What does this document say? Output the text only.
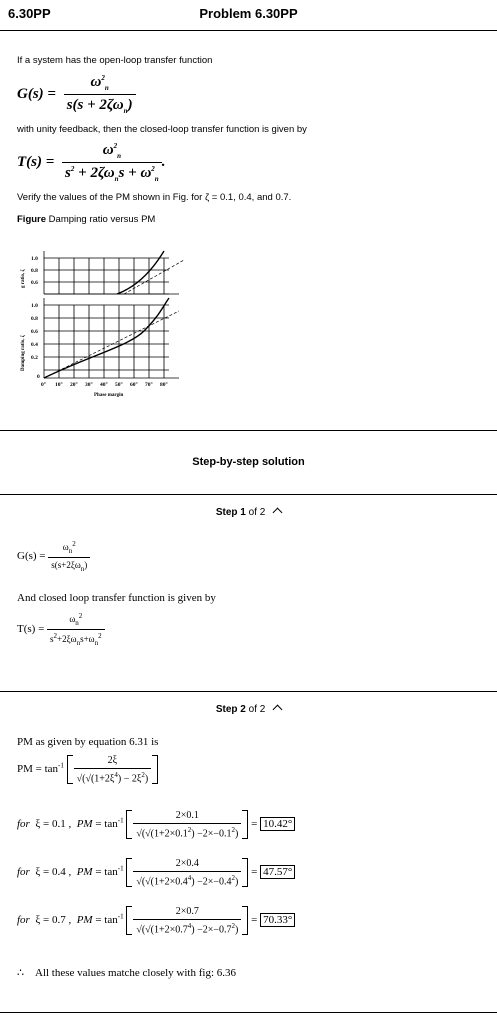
6.30PP	Problem 6.30PP
If a system has the open-loop transfer function
$G(s) = \frac{\omega^2_n}{s(s + 2\zeta\omega_n)}$
with unity feedback, then the closed-loop transfer function is given by
$T(s) = \frac{\omega^2_n}{s^2 + 2\zeta\omega_ns + \omega^2_n}$ .
Verify the values of the PM shown in Fig. for ζ = 0.1, 0.4, and 0.7.
Figure Damping ratio versus PM
1.0
0.8
0.6
g ratio, ζ
1.0
0.8
0.6
0.4
0.2
0
Damping ratio, ζ
0° 10° 20° 30° 40° 50° 60° 70° 80°
Phase margin
Step-by-step solution
Step 1 of 2
$G(s) = \frac{\omega_n^2}{s(s+2\xi\omega_n)}$
And closed loop transfer function is given by
$T(s) = \frac{\omega_n^2}{s^2+2\xi\omega_ns+\omega_n^2}$
Step 2 of 2
PM as given by equation 6.31 is
PM = $\tan^{-1} \frac{2\xi}{√(√(1+2\xi^4) - 2\xi^2)}$
for  ξ = 0.1 ,  PM = $\tan^{-1} \frac{2\times 0.1}{√(√(1+2\times 0.1^2) -2\times-0.1^2)} = 10.42^\circ$
for  ξ = 0.4 ,  PM = $\tan^{-1} \frac{2\times 0.4}{√(√(1+2\times 0.4^4) -2\times-0.4^2)} = 47.57^\circ$
for  ξ = 0.7 ,  PM = $\tan^{-1} \frac{2\times 0.7}{√(√(1+2\times 0.7^4) -2\times-0.7^2)} = 70.33^\circ$
∴    All these values matche closely with fig: 6.36
